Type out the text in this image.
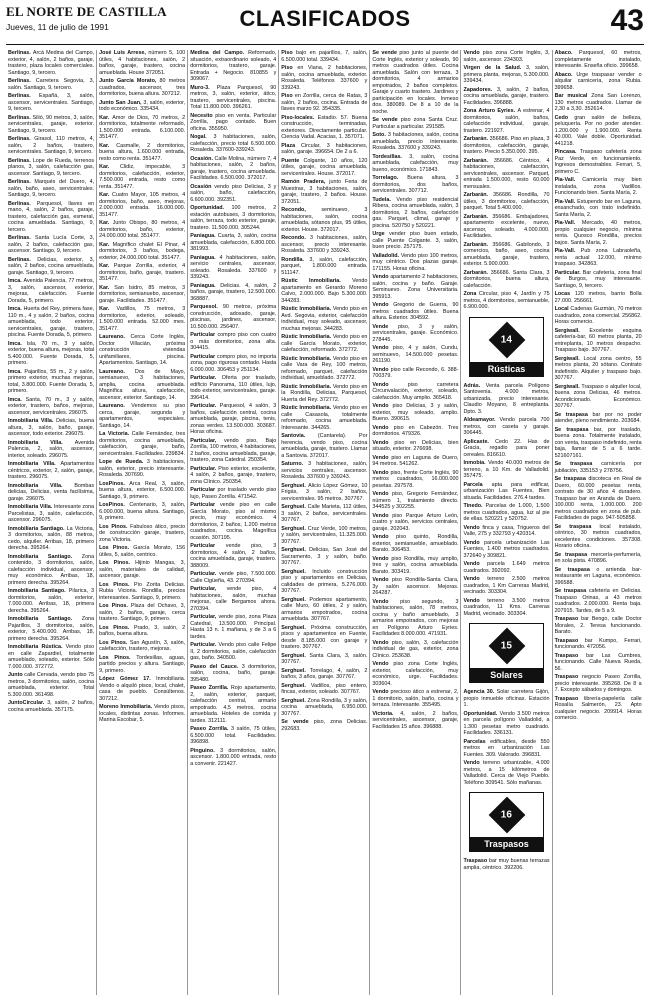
EL NORTE DE CASTILLA
Jueves, 11 de julio de 1991	CLASIFICADOS	43

Berlinas. Arcá Medina del Campo, exterior, 4, salón, 2 baños, garaje, trastero, plaza locales comerciales. Santiago, 9, tercero.

Berlinas. Carretera Segovia, 3, salón. Santiago, 9, tercero.

Berlinas. Españá, 3, salón, ascensor, servicentrales. Santiago, 9, tercero.

Berlinas. Silió, 90 metros, 3, salón, servicentrales, garaje, exterior. Santiago, 9, tercero.

Berlinas. Girasol, 110 metros, 4, salón, 2 baños, trastero, servicentrales. Santiago, 9, tercero.

Berlinas. Lope de Rueda, terrenos planos, 3, salón, calefacción gas, ascensor. Santiago, 9, tercero.

Berlinas. Marqués del Duero, 4, salón, baño, aseo, servicentrales. Santiago, 9, tercero.

Berlinas. Parquesol, llaves en mano, 4, salón, 2 baños, garaje, trastero, calefacción gas, esmeral, cocina amueblada. Santiago, 9, tercero.

Berlinas. Santa Lucía Corte, 3, salón, 2 baños, calefacción gas, ascensor. Santiago, 9, tercero.

Berlinas. Delicias, exterior, 3, salón, 2 baños, cocina amueblada, garaje. Santiago, 9, tercero.

Imca. Avenida Palencia, 77 metros, 3, salón, ascensor, exterior, mejoras, calefacción. Fuente Dorada, 5, primero.

Imca. Huerta del Rey, primera fase, 110 m., 4 y salón, 2 baños, cocina amueblada, todo exterior, servicentrales, garaje, trastero, piscina. Fuente Dorada, 5, primero.

Imca. Isla, 70 m., 3 y salón, exterior, buena altura, mejoras, total 5.400.000. Fuente Dorada, 5, primero.

Imca. Pajarillos, 55 m., 2 y salón, primero exterior, muchas mejoras, total, 3.800.000. Fuente Dorada, 5, primero.

Imca. Santa, 70 m., 3 y salón, exterior, trastero, baños, mejoras, ascensor, servicentrales. 296075.

Inmobiliaria Villa. Delicias, buena altura, 3, salón, baño, garaje, ascensor, todo exterior. 296075.

Inmobiliaria Villa. Avenida Palencia, 2, salón, ascensor, interior, soleado. 296075.

Inmobiliaria Villa. Apartamentos céntricos, exterior, 2, salón, garaje, trastero. 296075.

Inmobiliaria Villa. Bombas delicias, Delicias, venta facilísima, garaje. 296075.

Inmobiliaria Villa. Interesante zona Parcelistas, 3, salón, calefacción, ascensor. 296075.

Inmobiliaria Santiago. La Victoria, 3 dormitorios, salón, 88 metros, cedo, alquiler. Arribas, 18, primero derecha. 395264.

Inmobiliaria Santiago. Zona contenido, 3 dormitorios, salón, calefacción individual, ascensor, muy económico. Arribas, 18, primero derecha. 395264.

Inmobiliaria Santiago. Pilarica, 3 dormitorios, salón, exterior, 7.000.000. Arribas, 18, primera derecha. 395264.

Inmobiliaria Santiago. Zona Pajarillos, 3 dormitorios, salón, exterior, 5.400.000. Arribas, 18, primero derecha. 395264.

Inmobiliaria Rústica. Vendo piso en calle Zapardiel, totalmente amueblado, soleado, exterior. Sólo 7.000.000. 372772.

Junto calle Cervada, vendo piso 75 metros, 3 dormitorios, salón, cocina amueblada, exterior. Total 5.300.000. 361498.

JuntoCircular. 3, salón, 2 baños, cocina amueblada. 357175.

José Luis Arrese, número 5, 100 útiles, 4 habitaciones, salón, 2 baños, garaje, trastero, cocina amueblada. House 372051.

Junto García Morato, 80 metros cuadrados, ascensor, tres dormitorios, buena altura. 307212.

Junto San Juan, 3, salón, exterior, todo económico. 335434.

Kar. Amor de Dios, 70 metros, 2 dormitorios, totalmente reformado, 1.500.000 entrada. 6.100.000. 351477.

Kar. Casmalle, 2 dormitorios, buena altura, 1.600.000 entrada, resto como renta. 351477.

Kar. Clidiz, impecable, 3 dormitorios, calefacción, exterior, 7.500.000 entrada, resto como renta. 351477.

Kar. Cuatro Mayor, 105 metros, 4 dormitorios, baño, aseo, mejoras, 2.000.000 entrada. 16.000.000. 351477.

Kar. Junto Obispo, 80 metros, 4 dormitorios, baño, exterior, 24.000.000 total. 351477.

Kar. Magnífico chalet El Pinar, 4 dormitorios, 3 baños, bodega, exterior, 24.000.000 total. 351477.

Kar. Parque Zorrilla, exterior, 4 dormitorios, baño, garaje, trastero. 351477.

Kar. San Isidro, 85 metros, 3 dormitorios, semianuebo, ascensor, garaje. Facilidades. 351477.

Kar. Vadillos, 75 metros, 3 dormitorios, exterior, soleado, 1.500.000 entrada. 52.000 mes. 351477.

Laureano. Cerca Corte Inglés, Doctor Villacián, próxima construcción viviendas unifamiliares, piscina. Apartamentos. Santiago, 14.

Laureano. Dos de Mayo, semianuevo, 3 habitaciones, amplia, cocina amueblada. Magnífica altura, calefacción, ascensor, exterior. Santiago, 14.

Laureano. Vendemos su piso cerca, garaje, segunda y apartamentos, especiales. Santiago, 14.

La Victoria. Calle Fernández, tres dormitorios, cocina amueblada, calefacción, garaje, baño, servicentrales. Facilidades. 239834.

Lope de Rueda. 3 habitaciones, salón, exterior, precio interesante. Rosaleda. 307690.

LosPinos. Arca Real, 3, salón, buena altura, exterior, 6.500.000. Santiago, 9, primero.

LosPinos. Centenario, 3, salón, 6.000.000, buena altura. Santiago, 9, primero.

Los Pinos. Fabuloso ático, precio de construcción garaje, trastero, zona Victoria.

Los Pinos. García Morato, 156 útiles, 5, salón, centrico.

Los Pinos. Hijinio Mangas, 3, salón, materiales de calidad, ascensor, garaje.

Los Pinos. Pio Zorita Delicias. Rubia Vicioria. Rondilla, precios interesantes. Santiago, 9, primero.

Los Pinos. Plaza del Ochavo, 3, salón, 2 baños, garaje, cerca trastero. Santiago, 9, primero.

Los Pinos. Prado, 3, salón, 2 baños, buena altura.

Los Pinos. San Agustín, 3, salón, calefacción, trastero, mejoras.

Los Pinos. Tordesillas, aguas, partido precios y altura. Santiago, 9, primero.

López Gómez 17. Inmobiliaria. Vendo o alquiló pisos, local, chalet, casa de pueblo. Consúltenos. 307212.

Moreno Inmobiliaria. Vendo pisos, locales, distintas zonas. Informes. Marina Escobar, 5.

Medina del Campo. Reformado, situación, extraordinario soleado, 4 dormitorios, trastero, garaje. Entrada + Negocio. 810855 y 309067.

Muro-3. Plaza Parquesol, 90 metros, 3, salón, exterior, ático, trastero, servicentrales, piscina. Total 11.800.000. 396261.

Necesito piso en venta. Particular Zorrilla, pago contado. Buen oficina. 355950.

Nogal. 3 habitaciones, salón, calefacción, precio total 6.500.000. Rosaleda. 337600-339243.

Ocasión. Calle Molina, número 7, 4 habitaciones, salón, 2 baños, garaje, trastero, cocina amueblada. Facilidades. 6.500.000. 372017.

Ocasión vendo piso Delicias, 3 y salón, baño, calefacción, 6.600.000. 392351.

Oportunidad. 100 metros, 2 estación autobuses, 3 dormitorios, salón, terraza, todo exterior, garaje, trastero. 11.500.000. 305244.

Paniagua. Cuarta, 3, salón, cocina amueblada, calefacción, 6.800.000. 381993.

Paniagua. 4 habitaciones, salón, servicio centrales, ascensor, soleado. Rosaleda. 337600 y 339243.

Paniagua. Delicias. 4, salón, 2 baños, garaje, trastero, 12.500.000. 368887.

Parquesol. 90 metros, próxima construcción, adosado, garaje, piscinas, jardines, ascensor, 10.500.000. 256407.

Particular compro piso con cuatro o más dormitorios, zona alta. 304415.

Particular compro piso, no importa zona, pago rigurosa contado. Hasta 6.000.000. 306453 y 251134.

Particular. Oferta por traslado, edificio Panorama, 110 útiles, lujo, todo exterior, servicentrales, garaje. 396414.

Particular. Parquesol, 4 salón, 3 baños, calefacción central, cocina amueblada, garaje, piscina, tenis, zonas verdes. 13.500.000. 303687. Horas oficina.

Particular, vendo piso, Bajo Zorrilla, 100 metros, 4 habitaciones, 2 baños, cocina amueblada, garaje, trastero, zona Catedral. 250354.

Particular. Piso exterior, excelente, 4 salón, 2 baños, garaje, trastero, zona Clínico. 250354.

Particular por traslado vendo piso lujo, Paseo Zorrilla. 471542.

Particular vende piso en calle García Morato, piso al mismo precio, muy económico. 4 dormitorios, 2 baños, 1.200 metros cuadrados, cocina. Magnífica ocasión. 307195.

Particular vende piso, 3 dormitorios, 4 salón, 2 baños, cocina amueblada, garaje, trastero. 388009.

Particular. vende piso, 7.500.000. Calle Cigüeña, 43. 270394.

Particular, vende piso, 4 habitaciones, salón, muchas mejoras, calle Bergamos ahora. 270394.

Particular, vende piso, zona Plaza Catedral, 13.500.000. Principal. Hasta 13 n. 1 mañana, y de 3 a 6 tardes.

Particular. Vendo piso calle Felipe II, 2 dormitorios, salón, calefacción gas, baño. 340500.

Paseo del Cauce. 3 dormitorios, salón, cocina, baño, garaje. 395480.

Paseo Zorrilla. Rojo apartamento, 2, salón, exterior, parquet, calefacción central, armario empotrado. 4,5 metros, cocina amueblada. Hoteles de comida y tardes. 312111.

Paseo Zorrilla. 3 salón, 75 útiles, 6.500.000 total. Facilidades. 396898.

Pinguino. 3 dormitorios, salón, ascensor. 1.800.000 entrada, resto a convenir. 221427.

Piso bajo en pajarillos, 7, salón, 6.500.000 total. 339434.

Piso en Viana, 2 habitaciones, salón, cocina amueblada, exterior. Rosaleda. Teléfonos 337600 y 339243.

Piso en Zorrilla, cerca de Ratas, 3 salón, 2 baños, cocina. Entrada de llaves marzo 92. 354335.

Piso-locales. Estadio. 57. Buena construcción, terminadas, exteriores. Directamente particular. Ciencia Vadal. Acacias, 1. 357071.

Plaza Circular, 3 habitaciones, salón, garaje. 396654. De 2 a 6.

Puente Colgante, 10 años, 120 útiles, garaje, cocina amueblada, servicentrales. House. 372017.

Ramón Pradera, junto Feria de Muestras, 3 habitaciones, salón, garaje, trastero, 2 baños. House. 372051.

Recondo, seminuevo, 3 habitaciones, salón, cocina amueblada, sótanos plus, 95 útiles, exterior. House. 372017.

Recondo. 3 habitaciones, salón, ascensor, precio interesante. Rosaleda. 337600 y 339243.

Rondilla. 3, salón, calefacción, parquet, 1.800.000 entrada. 511147.

Rústic Inmobiliaria. Vendo apartamento en Gerardo Moreno Calvo, 2.000.000. Bajo 5.300.000. 344283.

Rústic Inmobiliaria. Vendo piso en Avd. Segovia, exterior, calefacción individual, muy soleado, ascensor, muchas mejoras. 344283.

Rústic Inmobiliaria. Vendo piso en calle García Morato, exterior, calefacción, reformado. 372772.

Rústic Inmobiliaria. Vendo piso en calle Vara de Rey, 100 metros, reformado, parquet, calefacción individual, amueblado. 372772.

Rústic Inmobiliaria. Vendo piso en la Rondilla, Delicias, Parquesol, Huerta del Rey. 372772.

Rústic Inmobiliaria. Vendo piso en calle Casasola, totalmente reformado, cocina amueblada. Interesante. 344265.

Santovia. (Cantarela). Por herencia, vendo piso, cocina amueblada, garaje, trastero. Llamar a Santovia. 372017.

Saturno. 3 habitaciones, salón, servicios centrales, ascensor. Rosaleda. 337600 y 339243.

Serghuel. Alicio López Gómez, 10 Frigás, 3 salón, 2 baños, servicentrales. 95 metros. 307767.

Serghuel. Calle Marieta, 112 útiles, 3 salón, 2 baños, servicentrales. 307767.

Serghuel. Cruz Verde, 100 metros, y salón, servicentrales, 11.325.000. 307767.

Serghuel. Delicias, San José del Sacramento, 3 y salón, baño. 307767.

Serghuel. Incluido construcción piso y apartamentos en Delicias, calidades de primera, 5.276.000. 307767.

Serghuel. Podemos apartamento, calle Muro, 60 útiles, 2 y salón, armarios empotrados, cocina amueblada. 307767.

Serghuel. Próxima construcción, pisos y apartamentos en Fuente, desde 8.185.000 con garaje y trastero. 307767.

Serghuel. Santa Clara, 3, salón. 307767.

Serghuel. Torrelago, 4, salón, 2 baños, 3 años, garaje. 307767.

Serghuel. Vadillos, piso entero, fincas, exterior, soleado. 307767.

Serghuel. Zona Rondilla, 3 y salón, cocina amueblada, 6.950.000. 307767.

Se vende piso, zona Delicias. 292683.

Se vende piso junto al puente del Corte Inglés, exterior y soleado, 90 metros cuadrados útiles. Cocina amueblada. Salón con terraza, 3 dormitorios, 4 armarios empotrados, 2 baños completos. Garaje y cuarto trastero. Jardines y participación en locales. Inmeso dos. 380089. De 8 a 10 de la noche.

Se vende piso zona Santa Cruz. Particular a particular. 291585.

Soto. 3 habitaciones, salón, cocina amueblada, precio interesante. Rosaleda. 337600 y 339243.

Tordesillas. 3, salón, cocina amueblada, calefacción, muy bueno, económico. 171843.

Torrelago. Buena altura, 3 dormitorios, dos baños, servicentrales. 307712.

Tudela. Vendo piso residencial Ribera, cocina amueblada, salón, 3 dormitorios, 2 baños, calefacción gas. Parquet, climal, garaje y piscina. 520750 y 520221.

Urge vender piso buen estado, calle Puente Colgante. 3, salón, buen precio. 257175.

Valladolid. Vendo piso 100 metros, muy céntrico. Dos plazas garaje. 171155. Horas oficina.

Vendo apartamento 2 habitaciones, salón, cocina y baño. Garaje. Seminuevo. Zona Universitaria. 395913.

Vendo Gregorio de Guerra, 90 metros cuadrados útiles. Buena altura. Exterior. 304592.

Vende piso, 3 y salón, servicentrales, garaje. Económico. 278445.

Vendo piso, 4 y salón, Cundu, seminuevo, 14.500.000 pesetas. 261190.

Vendo piso calle Recondo, 6. 388-700379.

Vendo piso carretera Circunvalación, exterior, soleado, calefacción. Muy amplio. 365418.

Vendo piso Delicias, 3 y salón, exterior, muy soleado, amplio. Bueno. 390615.

Vendo piso en Cabezón. Tres dormitorios. 479326.

Vendo piso en Delicias, bien situado, exterior. 276698.

Vendo piso en Laguna de Duero, 94 metros. 541262.

Vendo piso, frente Corte Inglés, 90 metros cuadrados, 16.000.000 pesetas. 297578.

Vendo piso, Gregorio Fernández, número 1, tratamiento directo. 344525 y 302255.

Vendo piso Parque Arturo León, cuatro y salón, servicios centrales, garaje. 202043.

Vendo piso quinto, Rondilla, exterior, semianueble, amueblado. Barato. 306453.

Vendo piso Rondilla, muy amplio, tres y salón, cocina amueblada. Barato. 303419.

Vendo piso Rondilla-Santa Clara, 3y salón ascensor. Mejoras. 264287.

Vendo piso segundo, 3 habitaciones, salón, 78 metros, cocina y baño amueblado, 3 armarios empotrados, con mejoras en Polígono Arturo Eyries. Facilidades 8.000.000. 471931.

Vendo piso, salón, 3, calefacción individual de gas, exterior, zona Clínico. 253638.

Vendo piso zona Corte Inglés, exterior, calefacción, muy económico, urge. Facilidades. 303604.

Vendo precioso ático a estrenar, 2, 1 dormitorio, salón, baño, cocina y terraza. Interesante. 355495.

Victoria. 4, salón, 2 baños, servicentrales, ascensor, garaje, Facilidades 15 años. 396888.

Vendo piso zona Corte Inglés, 3, salón, ascensor. 234303.

Virgen de la Salud. 3, salón, primera planta, mejoras, 5.300.000. 339434.

Zapadores. 3, salón, 2 baños, cocina amueblada, garaje, trastero. Facilidades. 396888.

Zona Arturo Eyries. A estrenar, 4 dormitorios, salón, baños, calefacción individual, garaje, trastero. 221927.

Zarbarán. 356686. Piso en plaza, 3 dormitorios, calefacción, garaje, trastero. Precio 5.350.000. 395.

Zarbarán. 356686. Céntrico, 4 habitaciones, calefacción, servicentrales, ascensor. Parquet, entrada 1.500.000, resto 60.000 mensuales.

Zarbarán. 356686. Rondilla, 70 útiles, 3 dormitorios, calefacción, parquet. Total 5.400.000.

Zarbarán. 356686. Embajadores, apartamento excelente, nuevo, ascensor, soleado. 4.000.000. Facilidades.

Zarbarán. 356686. Gabilondo, 3 comercios, baño, aseo, cocina amueblada, garaje, trastero, exterior. 5.900.000.

Zarbarán. 356686. Santa Clara, 3 dormitorios, buena altura, calefacción.

Zona Circular, piso 4, Jardín y 75 metros, 4 dormitorios, semianueble, 6.900.000.

14
Rústicas

Adrás. Venta parcela Polígono Santovenia. 4.000 metros, urbanizada, precio interesante. Claudio Moyano, 8 entreplanta. Dpto. 3.

Aldeamayor. Vendo parcela 700 metros, con caseta y garaje. 306445.

Aplicaste. Cedo 22. Has de Gracia, regadio para poner cereales. 816610.

Inmobia. Vendo 40.000 metros de terreno, a 10 Km. de Valladolid. 357475.

Parcela apta para edificar, urbanización Las Fuentes, Bien situada. Facilidades. 276.4 tardes.

Tinedo. Parcelas de 1.000, 1.500 metros cuadrados, agua, luz al pie de ellas. 520221 y 520752.

Vendo finca y casa, Trigueros del Valle, 275 y 332793 y 420314.

Vendo parcela urbanización Las Fuentes, 1.400 metros cuadrados. 372640 y 309821.

Vendo parcela 1.649 metros cuadrados. 392092.

Vendo terreno 2.500 metros cuadrados, 1 Km Carreras Madrid, vecinado. 303304.

Vendo terreno 3.500 metros cuadrados, 11 Kms. Carreras Madrid, vecinado. 303304.

15
Solares

Agencia 30. Solar carretera Gijón, propio inmueble oficinas. Estación 1.

Oportunidad. Vendo 3.500 metros en parcela polígono Valladolid, a 1.300 pesetas metro cuadrado. Facilidades. 336131.

Parcelas edificables, desde 550 metros en urbanización Las Fuentes. 309. Valorado. 396831.

Vendo terreno urbanizable, 4.000 metros, a 15 kilómetros de Valladolid. Cerca de Viejo Pueblo. Teléfono 309541. Sólo mañanas.

16
Traspasos

Traspaso bar muy buenas terrazas amplia, céntrico. 392206.

Abaco. Parquesol, 60 metros, completamente instalado, interesante. Enseña oficio. 399658.

Abaco. Urge traspasar vender o alquilar carnicería, zona Rubia. 399658.

Bar musical Zona San Lorenzo, 130 metros cuadrados. Llamar de 2,30 a 3,30. 352614.

Cedo gran salón de belleza, peluquería. Por no poder atender. 1.200.000 y 1.900.000. Renta 40.000. Vale doble. Oportunidad. 441218.

Pincasa. Traspaso cafetería zona Paz Verde, en funcionamiento. Ingresos demostrables. Ferrari, 5, primero C.

Pia-Vall. Carnicería muy bien instalada, zona Vadillos. Funcionando bien. Santa María, 2.

Pia-Vall. Estupendo bar en Laguna, ensanchado, con trato indefinido. Santa María, 2.

Pia-Vall. Mercado, 40 metros, propio cualquier negocio, mínima renta. Quosco Rondilla, precios bajos. Santa María, 2.

Pia-Vall. Pub zona Labraoleña, renta actual 12.000, mínimo traspaso. 342863.

Particular. Bar cafetería, zona final de Burgos, muy interesante. Santiago, 9, tercero.

Locas 120 metros, barrio Bolla 27.000. 256661.

Local Cadenas Guzmán, 70 metros cuadrados, zona comercial. 256862. Horas comercio.

Sergiwall. Excelente esquina cafetería-bar, 60 metros planta, 20 entreplanta, 10 metros despacho. Traspaso bajo. 307767.

Sergiwall. Local zona centro, 55 metros planta, 20 sótano. Contrato indefinido. Alquiler y traspaso bajo. 307767.

Sergiwall. Traspaso o alquiler local, buena zona Delicias, 46 metros. Acondicionado. Económico. 307767.

Se traspasa bar por no poder atender, pleno rendimiento. 203684.

Se traspasa bar, por traslado, buena zona. Totalmente instalado, con venta, traspaso indefinido, renta baja, llamar de 5 a 6 tarde. 521607161.

Se traspasa carnicería por jubilación, 335153 y 278756.

Se traspasa discoteca en Real de Duero, 60.000 pesetas renta, contrato de 30 años 4 duradero. Traspaso bar en Aranda de Duero. 100.000 renta, 1.000.000. 200 metros cuadrados en zona de pub. Facilidades de pago. 947-505858.

Se traspasa local instalado, céntrico, 30 metros cuadrados, excelentes condiciones. 357308. Horario oficina.

Se traspasa mercería-perfumería, en sola pista. 470896.

Se traspasa o arrienda bar-restaurante en Laguna, económico. 396588.

Se traspasa cafetería en Delicias. Traspaso Orinas, a 43 metros cuadrados. 2.000.000. Renta baja. 207915. Tardes, de 5 a 9.

Traspaso bar Bengo, calle Doctor Morales, 2. Teresa funcionando. Barato.

Traspaso bar Kumpo, Ferrari, funcionando. 472056.

Traspaso bar Las Cumbres, funcionando. Calle Nueva Rueda, 56.

Traspaso negocio Paseo Zorrilla, precio interesante. 395268. De 8 a 7. Excepto sábados y domingos.

Traspaso librería-papelería calle Rosalía Salmerón, 23. Apto cualquier negocio. 209914. Horas comercio.
